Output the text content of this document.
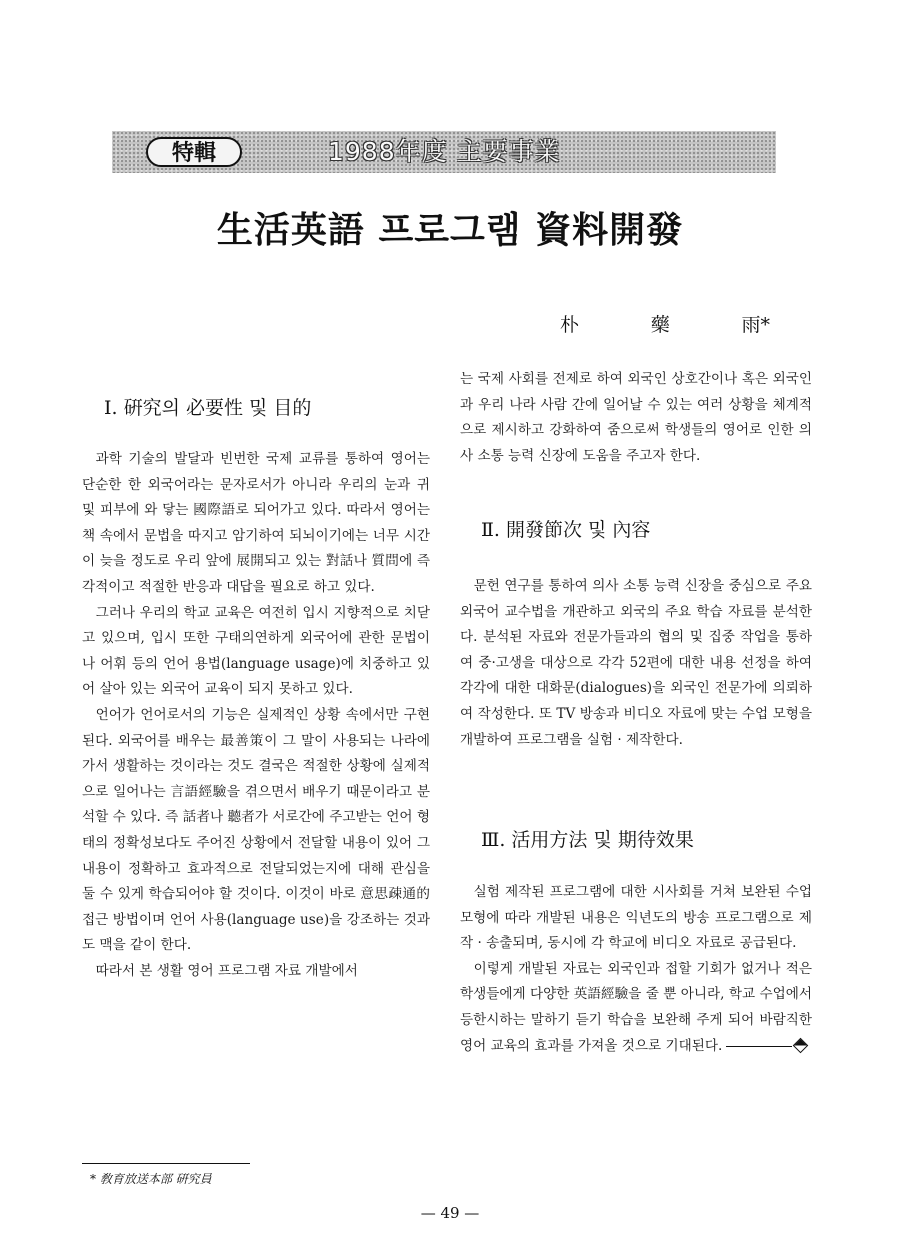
特輯	1988年度 主要事業
生活英語 프로그램 資料開發
朴	藥	雨*
Ⅰ. 硏究의 必要性 및 目的

과학 기술의 발달과 빈번한 국제 교류를 통하여 영어는 단순한 한 외국어라는 문자로서가 아니라 우리의 눈과 귀 및 피부에 와 닿는 國際語로 되어가고 있다. 따라서 영어는 책 속에서 문법을 따지고 암기하여 되뇌이기에는 너무 시간이 늦을 정도로 우리 앞에 展開되고 있는 對話나 質問에 즉각적이고 적절한 반응과 대답을 필요로 하고 있다.

그러나 우리의 학교 교육은 여전히 입시 지향적으로 치닫고 있으며, 입시 또한 구태의연하게 외국어에 관한 문법이나 어휘 등의 언어 용법(language usage)에 치중하고 있어 살아 있는 외국어 교육이 되지 못하고 있다.

언어가 언어로서의 기능은 실제적인 상황 속에서만 구현된다. 외국어를 배우는 最善策이 그 말이 사용되는 나라에 가서 생활하는 것이라는 것도 결국은 적절한 상황에 실제적으로 일어나는 言語經驗을 겪으면서 배우기 때문이라고 분석할 수 있다. 즉 話者나 聽者가 서로간에 주고받는 언어 형태의 정확성보다도 주어진 상황에서 전달할 내용이 있어 그 내용이 정확하고 효과적으로 전달되었는지에 대해 관심을 둘 수 있게 학습되어야 할 것이다. 이것이 바로 意思疎通的 접근 방법이며 언어 사용(language use)을 강조하는 것과도 맥을 같이 한다.

따라서 본 생활 영어 프로그램 자료 개발에서

는 국제 사회를 전제로 하여 외국인 상호간이나 혹은 외국인과 우리 나라 사람 간에 일어날 수 있는 여러 상황을 체계적으로 제시하고 강화하여 줌으로써 학생들의 영어로 인한 의사 소통 능력 신장에 도움을 주고자 한다.

Ⅱ. 開發節次 및 內容

문헌 연구를 통하여 의사 소통 능력 신장을 중심으로 주요 외국어 교수법을 개관하고 외국의 주요 학습 자료를 분석한다. 분석된 자료와 전문가들과의 협의 및 집중 작업을 통하여 중·고생을 대상으로 각각 52편에 대한 내용 선정을 하여 각각에 대한 대화문(dialogues)을 외국인 전문가에 의뢰하여 작성한다. 또 TV 방송과 비디오 자료에 맞는 수업 모형을 개발하여 프로그램을 실험 · 제작한다.

Ⅲ. 活用方法 및 期待效果

실험 제작된 프로그램에 대한 시사회를 거쳐 보완된 수업 모형에 따라 개발된 내용은 익년도의 방송 프로그램으로 제작 · 송출되며, 동시에 각 학교에 비디오 자료로 공급된다.

이렇게 개발된 자료는 외국인과 접할 기회가 없거나 적은 학생들에게 다양한 英語經驗을 줄 뿐 아니라, 학교 수업에서 등한시하는 말하기 듣기 학습을 보완해 주게 되어 바람직한 영어 교육의 효과를 가져올 것으로 기대된다.

* 敎育放送本部 硏究員
— 49 —
